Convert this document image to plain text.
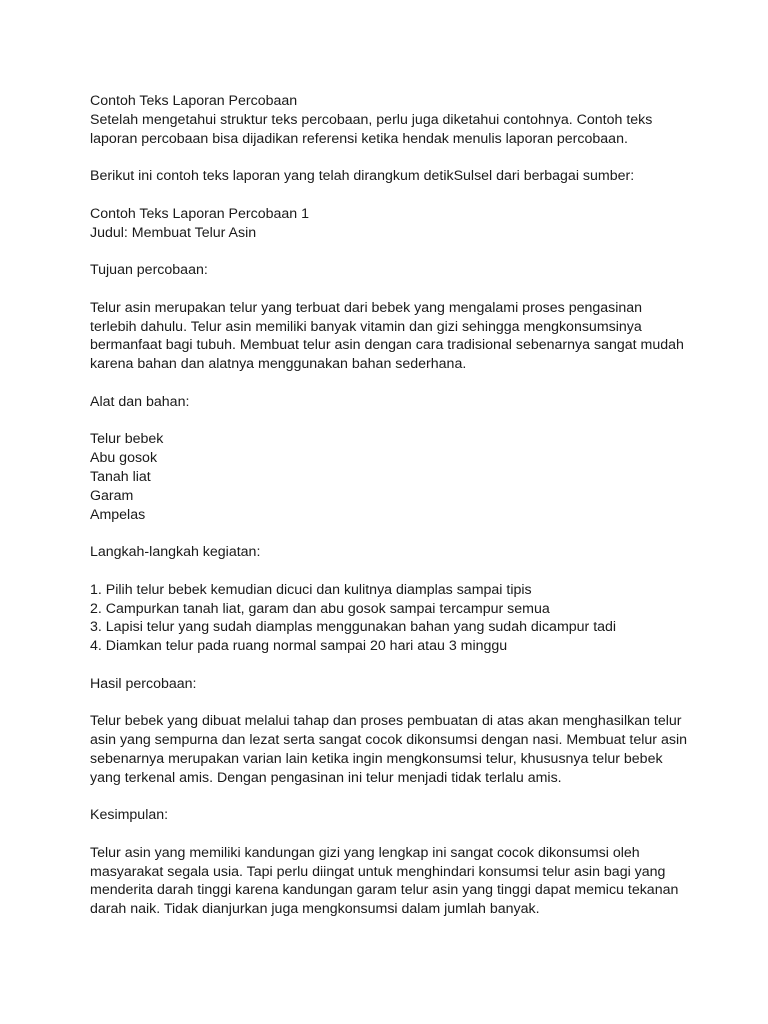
Contoh Teks Laporan Percobaan

Setelah mengetahui struktur teks percobaan, perlu juga diketahui contohnya. Contoh teks
laporan percobaan bisa dijadikan referensi ketika hendak menulis laporan percobaan.

Berikut ini contoh teks laporan yang telah dirangkum detikSulsel dari berbagai sumber:

Contoh Teks Laporan Percobaan 1

Judul: Membuat Telur Asin

Tujuan percobaan:

Telur asin merupakan telur yang terbuat dari bebek yang mengalami proses pengasinan
terlebih dahulu. Telur asin memiliki banyak vitamin dan gizi sehingga mengkonsumsinya
bermanfaat bagi tubuh. Membuat telur asin dengan cara tradisional sebenarnya sangat mudah
karena bahan dan alatnya menggunakan bahan sederhana.

Alat dan bahan:

Telur bebek

Abu gosok

Tanah liat

Garam

Ampelas

Langkah-langkah kegiatan:

1. Pilih telur bebek kemudian dicuci dan kulitnya diamplas sampai tipis

2. Campurkan tanah liat, garam dan abu gosok sampai tercampur semua

3. Lapisi telur yang sudah diamplas menggunakan bahan yang sudah dicampur tadi

4. Diamkan telur pada ruang normal sampai 20 hari atau 3 minggu

Hasil percobaan:

Telur bebek yang dibuat melalui tahap dan proses pembuatan di atas akan menghasilkan telur
asin yang sempurna dan lezat serta sangat cocok dikonsumsi dengan nasi. Membuat telur asin
sebenarnya merupakan varian lain ketika ingin mengkonsumsi telur, khususnya telur bebek
yang terkenal amis. Dengan pengasinan ini telur menjadi tidak terlalu amis.

Kesimpulan:

Telur asin yang memiliki kandungan gizi yang lengkap ini sangat cocok dikonsumsi oleh
masyarakat segala usia. Tapi perlu diingat untuk menghindari konsumsi telur asin bagi yang
menderita darah tinggi karena kandungan garam telur asin yang tinggi dapat memicu tekanan
darah naik. Tidak dianjurkan juga mengkonsumsi dalam jumlah banyak.
